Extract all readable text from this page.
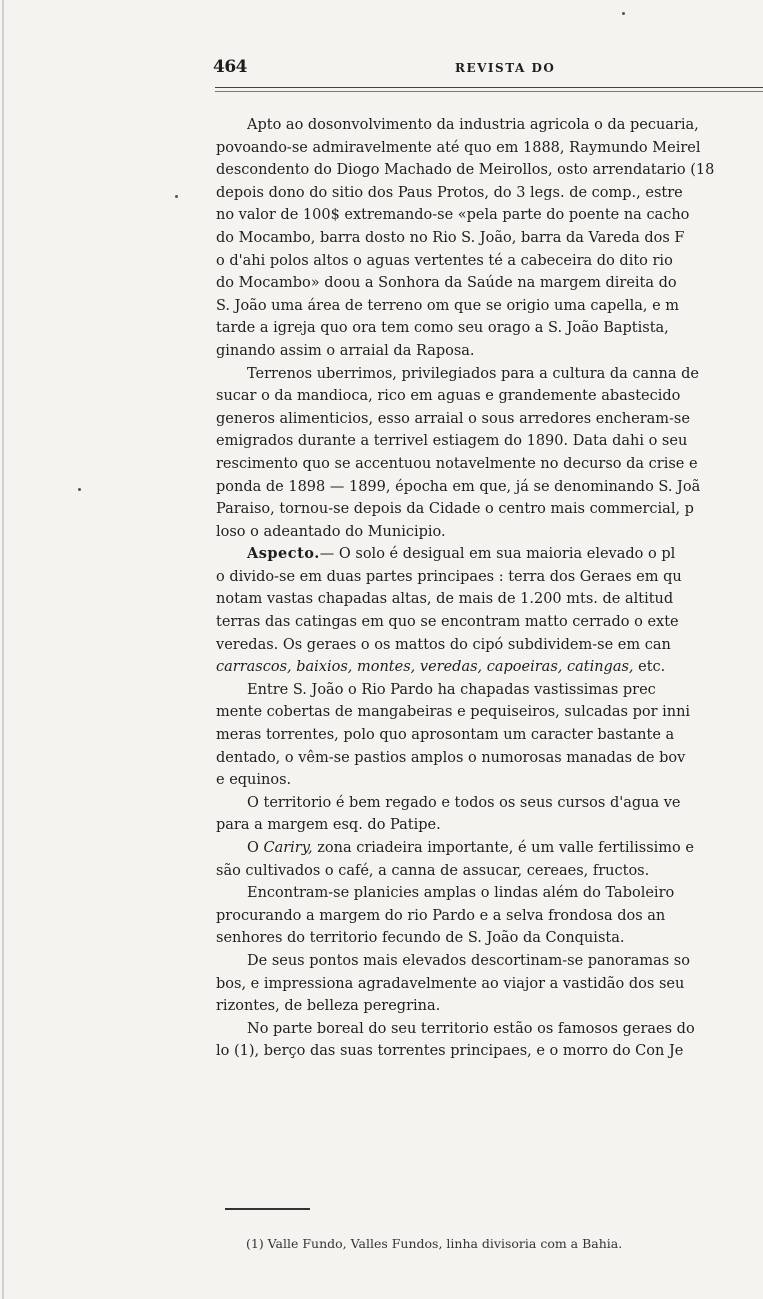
464	REVISTA DO
Apto ao dosonvolvimento da industria agricola o da pecuaria,
povoando-se admiravelmente até quo em 1888, Raymundo Meirel
descondento do Diogo Machado de Meirollos, osto arrendatario (18
depois dono do sitio dos Paus Protos, do 3 legs. de comp., estre
no valor de 100$ extremando-se «pela parte do poente na cacho
do Mocambo, barra dosto no Rio S. João, barra da Vareda dos F
o d'ahi polos altos o aguas vertentes té a cabeceira do dito rio
do Mocambo» doou a Sonhora da Saúde na margem direita do
S. João uma área de terreno om que se origio uma capella, e m
tarde a igreja quo ora tem como seu orago a S. João Baptista,
ginando assim o arraial da Raposa.
Terrenos uberrimos, privilegiados para a cultura da canna de
sucar o da mandioca, rico em aguas e grandemente abastecido
generos alimenticios, esso arraial o sous arredores encheram-se
emigrados durante a terrivel estiagem do 1890. Data dahi o seu
rescimento quo se accentuou notavelmente no decurso da crise e
ponda de 1898 — 1899, épocha em que, já se denominando S. Joã
Paraiso, tornou-se depois da Cidade o centro mais commercial, p
loso o adeantado do Municipio.
Aspecto.— O solo é desigual em sua maioria elevado o pl
o divido-se em duas partes principaes : terra dos Geraes em qu
notam vastas chapadas altas, de mais de 1.200 mts. de altitud
terras das catingas em quo se encontram matto cerrado o exte
veredas. Os geraes o os mattos do cipó subdividem-se em can
carrascos, baixios, montes, veredas, capoeiras, catingas, etc.
Entre S. João o Rio Pardo ha chapadas vastissimas prec
mente cobertas de mangabeiras e pequiseiros, sulcadas por inni
meras torrentes, polo quo aprosontam um caracter bastante a
dentado, o vêm-se pastios amplos o numorosas manadas de bov
e equinos.
O territorio é bem regado e todos os seus cursos d'agua ve
para a margem esq. do Patipe.
O Cariry, zona criadeira importante, é um valle fertilissimo e
são cultivados o café, a canna de assucar, cereaes, fructos.
Encontram-se planicies amplas o lindas além do Taboleiro
procurando a margem do rio Pardo e a selva frondosa dos an
senhores do territorio fecundo de S. João da Conquista.
De seus pontos mais elevados descortinam-se panoramas so
bos, e impressiona agradavelmente ao viajor a vastidão dos seu
rizontes, de belleza peregrina.
No parte boreal do seu territorio estão os famosos geraes do
lo (1), berço das suas torrentes principaes, e o morro do Con Je
(1) Valle Fundo, Valles Fundos, linha divisoria com a Bahia.
